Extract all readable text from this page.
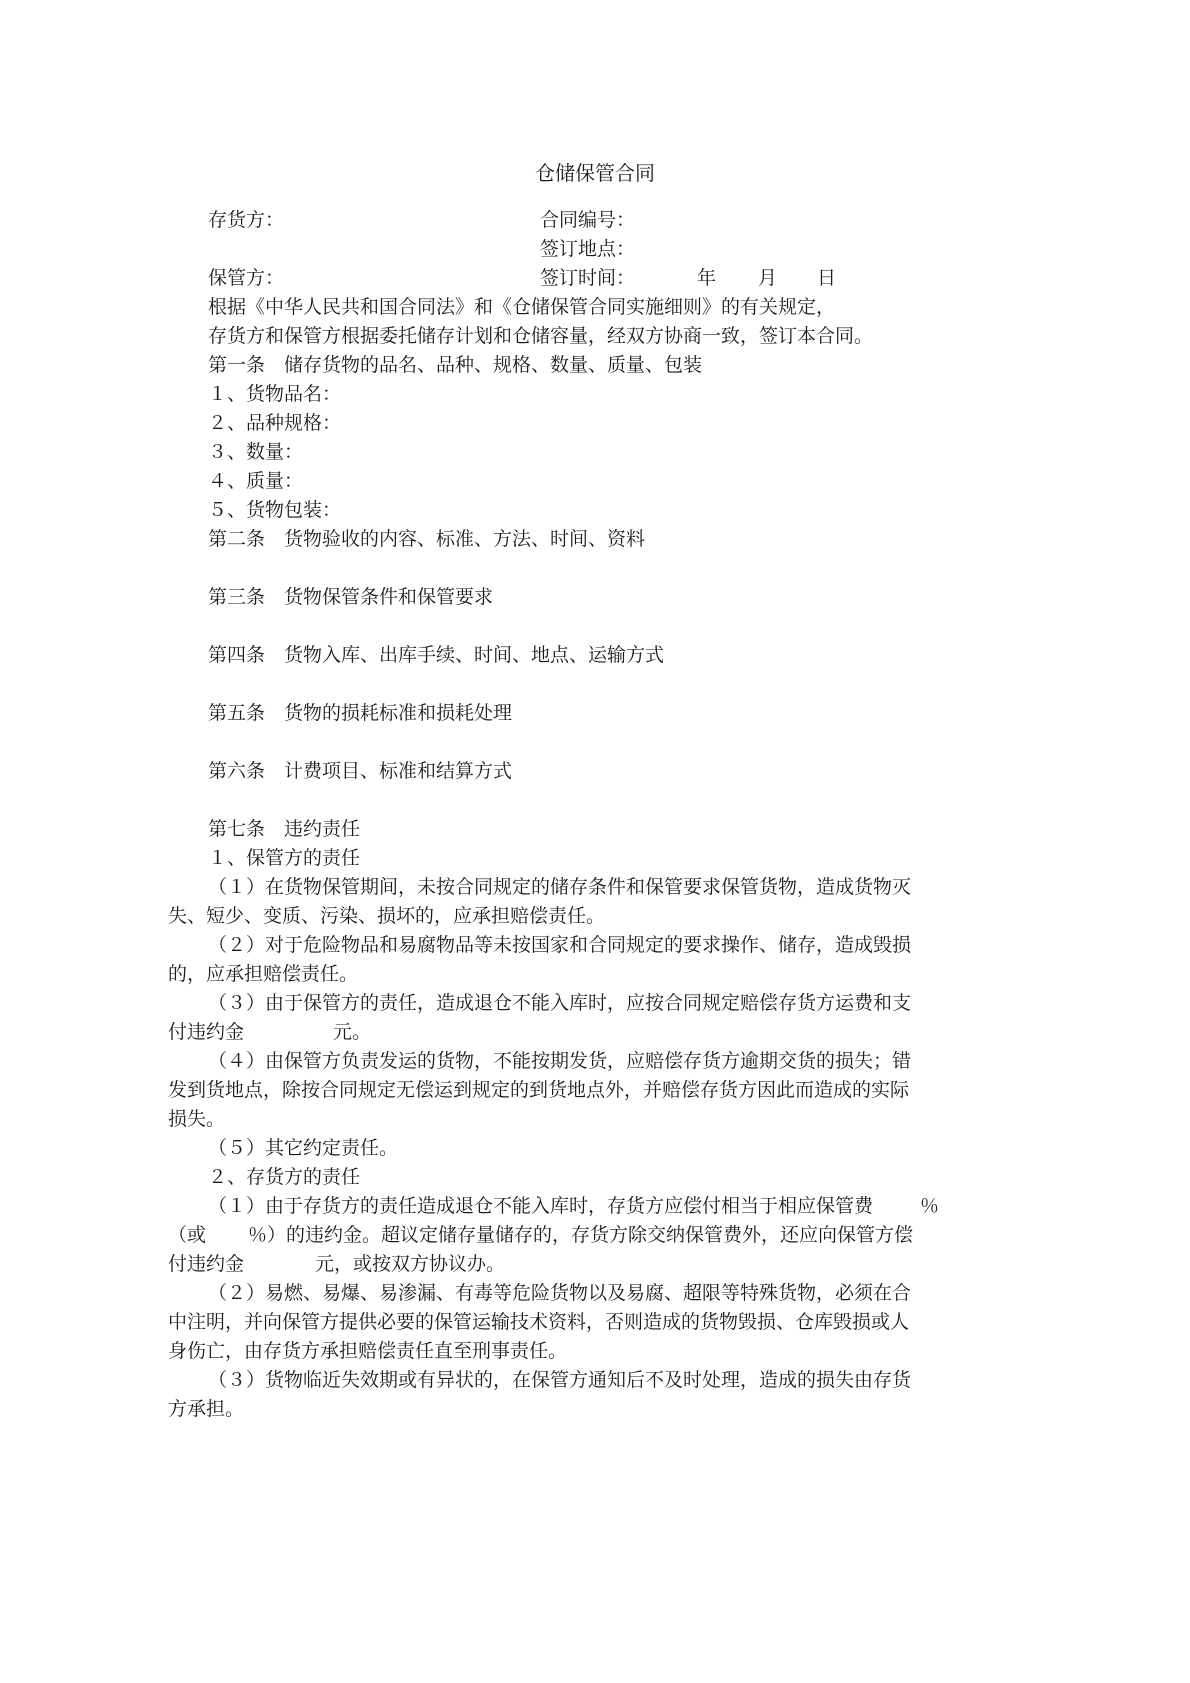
仓储保管合同
存货方：	合同编号：
签订地点：
保管方：	签订时间：	年 月 日
根据《中华人民共和国合同法》和《仓储保管合同实施细则》的有关规定，
存货方和保管方根据委托储存计划和仓储容量，经双方协商一致，签订本合同。
第一条　储存货物的品名、品种、规格、数量、质量、包装
１、货物品名：
２、品种规格：
３、数量：
４、质量：
５、货物包装：
第二条　货物验收的内容、标准、方法、时间、资料
第三条　货物保管条件和保管要求
第四条　货物入库、出库手续、时间、地点、运输方式
第五条　货物的损耗标准和损耗处理
第六条　计费项目、标准和结算方式
第七条　违约责任
１、保管方的责任
（１）在货物保管期间，未按合同规定的储存条件和保管要求保管货物，造成货物灭
失、短少、变质、污染、损坏的，应承担赔偿责任。
（２）对于危险物品和易腐物品等未按国家和合同规定的要求操作、储存，造成毁损
的，应承担赔偿责任。
（３）由于保管方的责任，造成退仓不能入库时，应按合同规定赔偿存货方运费和支
付违约金	元。
（４）由保管方负责发运的货物，不能按期发货，应赔偿存货方逾期交货的损失；错
发到货地点，除按合同规定无偿运到规定的到货地点外，并赔偿存货方因此而造成的实际
损失。
（５）其它约定责任。
２、存货方的责任
（１）由于存货方的责任造成退仓不能入库时，存货方应偿付相当于相应保管费 ％
（或 ％）的违约金。超议定储存量储存的，存货方除交纳保管费外，还应向保管方偿
付违约金	元，或按双方协议办。
（２）易燃、易爆、易渗漏、有毒等危险货物以及易腐、超限等特殊货物，必须在合
中注明，并向保管方提供必要的保管运输技术资料，否则造成的货物毁损、仓库毁损或人
身伤亡，由存货方承担赔偿责任直至刑事责任。
（３）货物临近失效期或有异状的，在保管方通知后不及时处理，造成的损失由存货
方承担。
